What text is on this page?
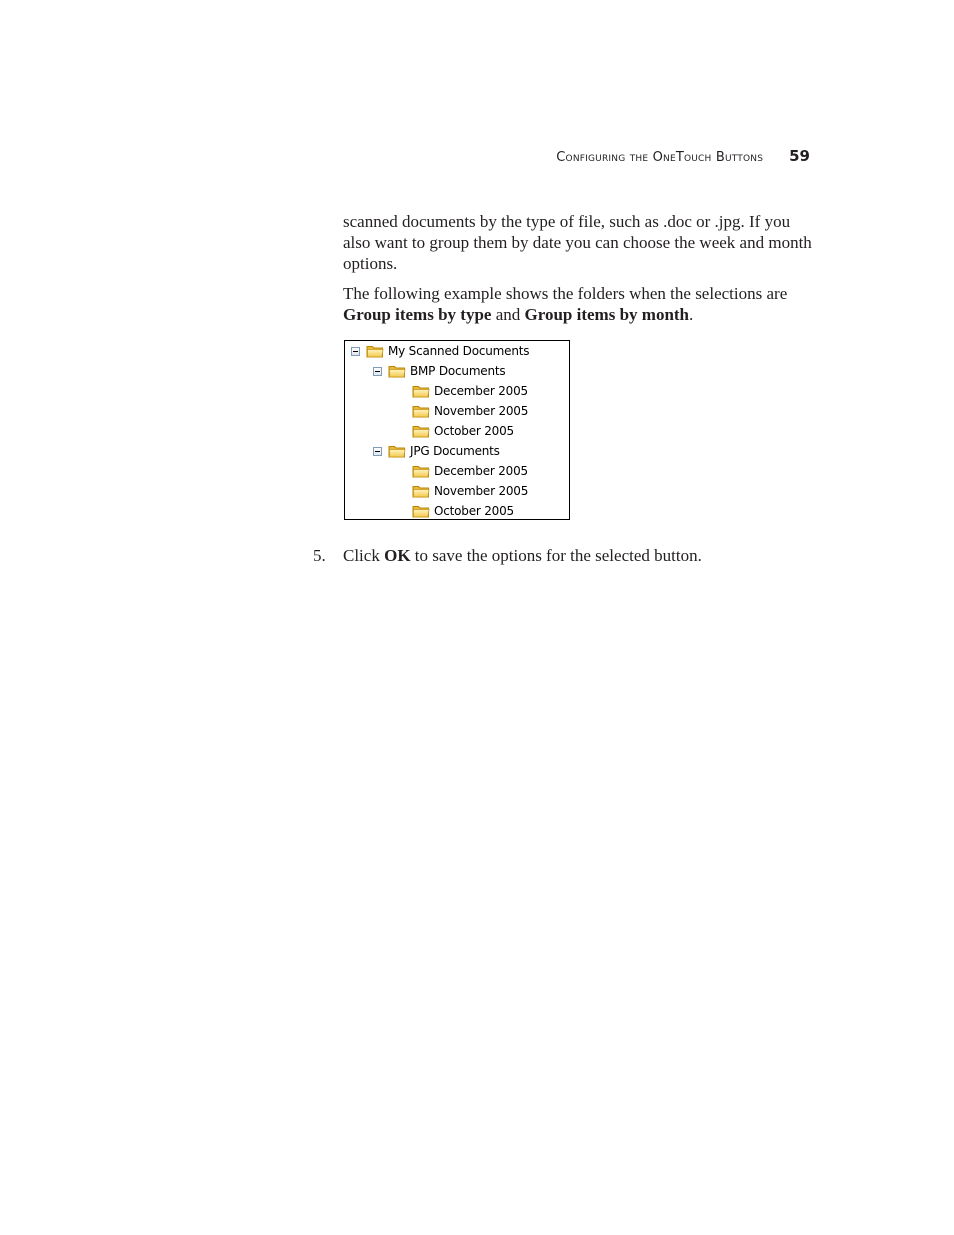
Configuring the OneTouch Buttons 59

scanned documents by the type of file, such as .doc or .jpg. If you also want to group them by date you can choose the week and month options.

The following example shows the folders when the selections are Group items by type and Group items by month.

My Scanned Documents
BMP Documents
December 2005
November 2005
October 2005
JPG Documents
December 2005
November 2005
October 2005
5.	Click OK to save the options for the selected button.
